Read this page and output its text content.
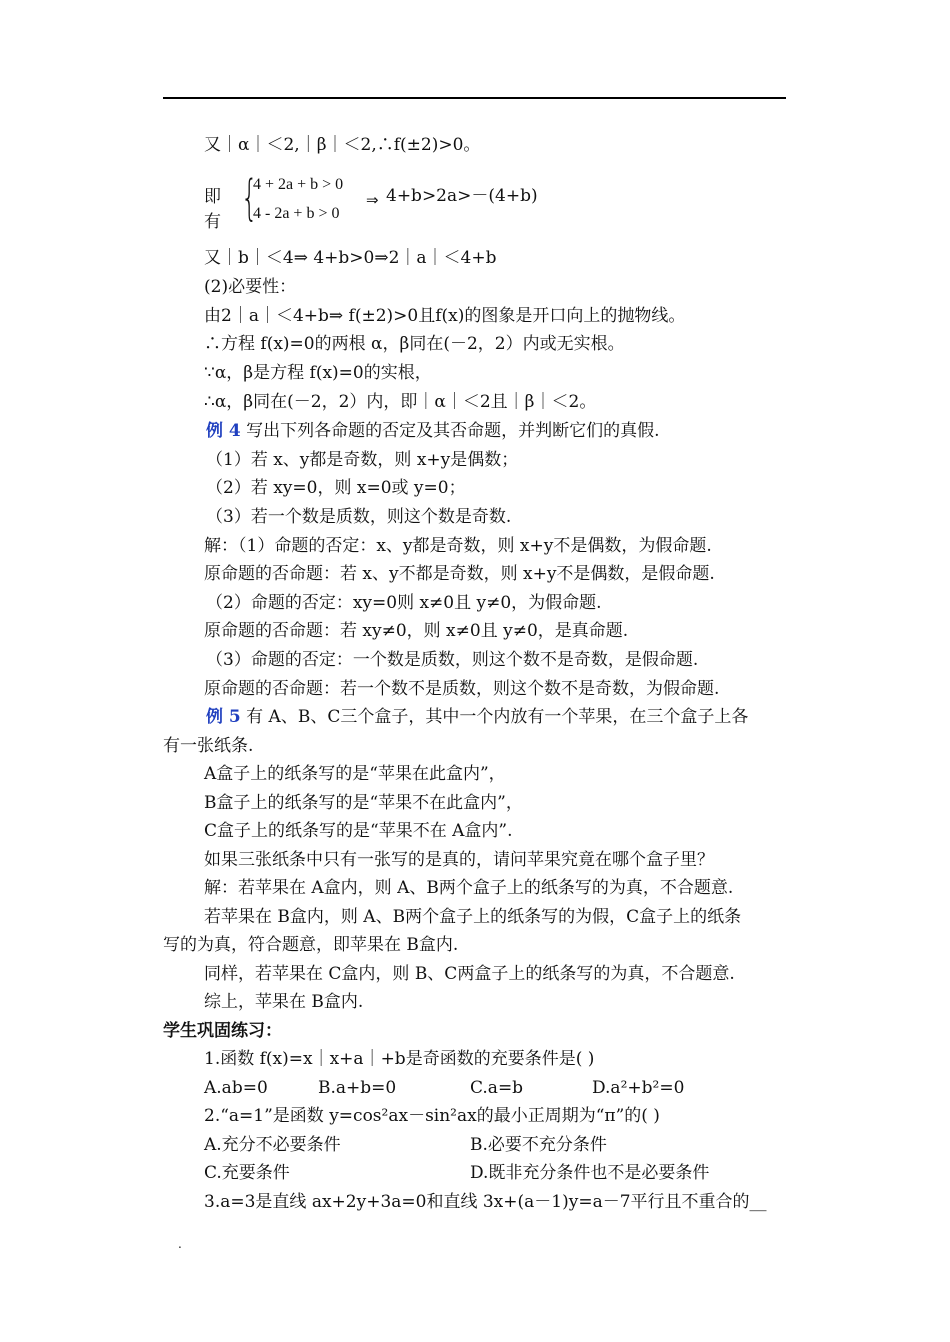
又｜α｜＜2,｜β｜＜2,∴f(±2)>0。
即有 {
4 + 2a + b > 0
4 - 2a + b > 0
⇒ 4+b>2a>－(4+b)
又｜b｜＜4⇒ 4+b>0⇒2｜a｜＜4+b
(2)必要性：
由2｜a｜＜4+b⇒ f(±2)>0且f(x)的图象是开口向上的抛物线。
∴方程 f(x)=0的两根 α，β同在(－2，2）内或无实根。
∵α，β是方程 f(x)=0的实根，
∴α，β同在(－2，2）内，即｜α｜＜2且｜β｜＜2。
例 4 写出下列各命题的否定及其否命题，并判断它们的真假.
（1）若 x、y都是奇数，则 x+y是偶数；
（2）若 xy=0，则 x=0或 y=0；
（3）若一个数是质数，则这个数是奇数.
解：（1）命题的否定：x、y都是奇数，则 x+y不是偶数，为假命题.
原命题的否命题：若 x、y不都是奇数，则 x+y不是偶数，是假命题.
（2）命题的否定：xy=0则 x≠0且 y≠0，为假命题.
原命题的否命题：若 xy≠0，则 x≠0且 y≠0，是真命题.
（3）命题的否定：一个数是质数，则这个数不是奇数，是假命题.
原命题的否命题：若一个数不是质数，则这个数不是奇数，为假命题.
例 5 有 A、B、C三个盒子，其中一个内放有一个苹果，在三个盒子上各
有一张纸条.
A盒子上的纸条写的是“苹果在此盒内”，
B盒子上的纸条写的是“苹果不在此盒内”，
C盒子上的纸条写的是“苹果不在 A盒内”.
如果三张纸条中只有一张写的是真的，请问苹果究竟在哪个盒子里？
解：若苹果在 A盒内，则 A、B两个盒子上的纸条写的为真，不合题意.
若苹果在 B盒内，则 A、B两个盒子上的纸条写的为假，C盒子上的纸条
写的为真，符合题意，即苹果在 B盒内.
同样，若苹果在 C盒内，则 B、C两盒子上的纸条写的为真，不合题意.
综上，苹果在 B盒内.
学生巩固练习：
1.函数 f(x)=x｜x+a｜+b是奇函数的充要条件是( )
A.ab=0	B.a+b=0	C.a=b	D.a²+b²=0
2.“a=1”是函数 y=cos²ax－sin²ax的最小正周期为“π”的( )
A.充分不必要条件	B.必要不充分条件
C.充要条件	D.既非充分条件也不是必要条件
3.a=3是直线 ax+2y+3a=0和直线 3x+(a－1)y=a－7平行且不重合的__
.
